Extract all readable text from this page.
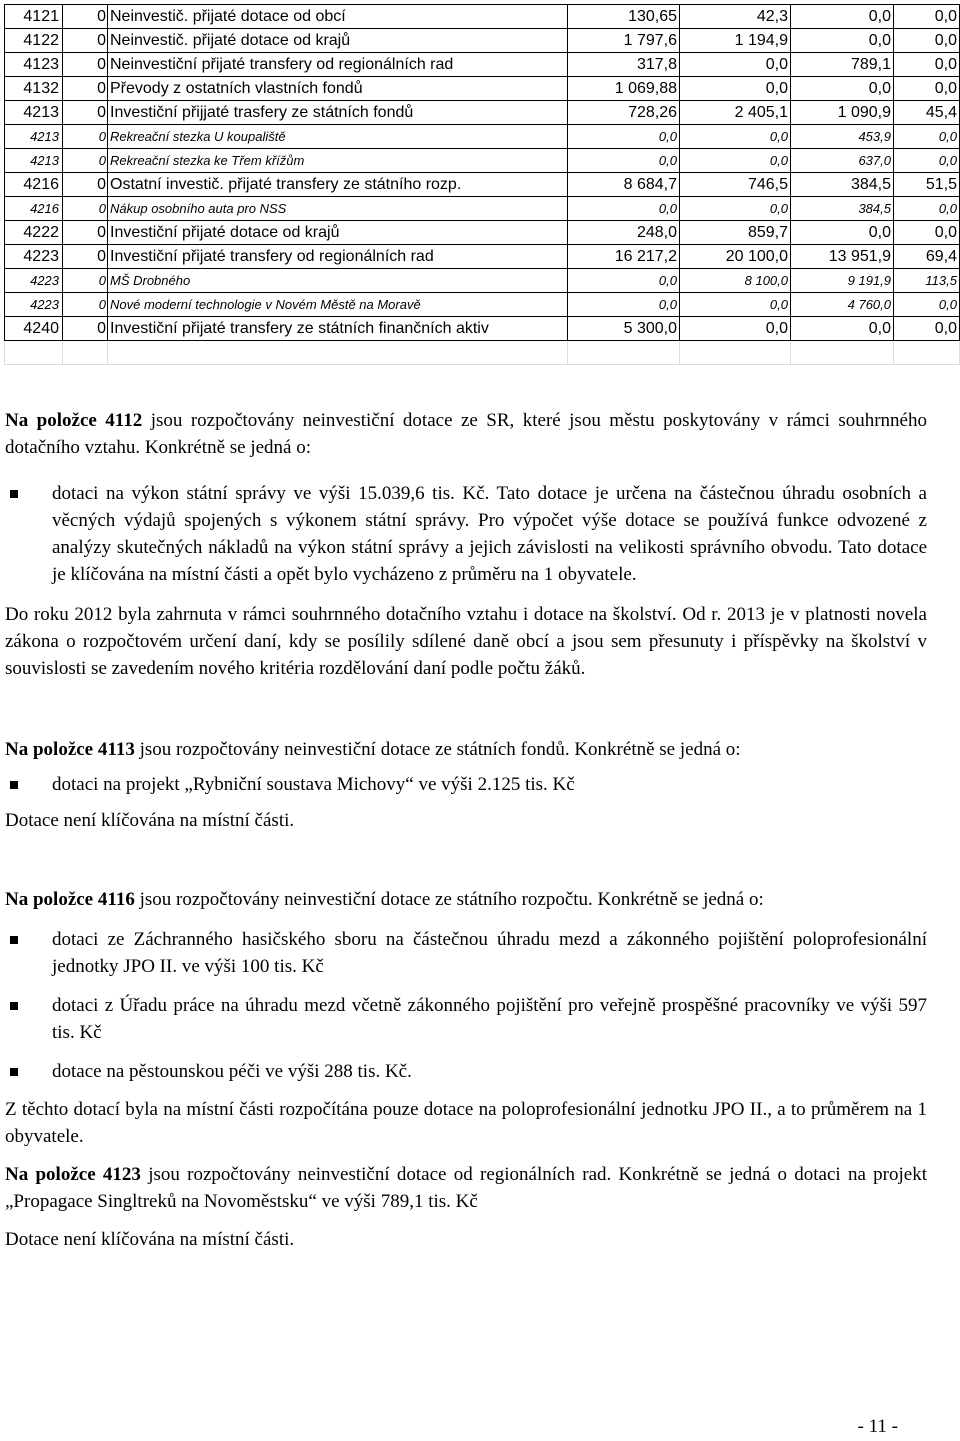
4121	0	Neinvestič. přijaté dotace od obcí	130,65	42,3	0,0	0,0
4122	0	Neinvestič. přijaté dotace od krajů	1 797,6	1 194,9	0,0	0,0
4123	0	Neinvestiční přijaté transfery od regionálních rad	317,8	0,0	789,1	0,0
4132	0	Převody z ostatních vlastních fondů	1 069,88	0,0	0,0	0,0
4213	0	Investiční přijjaté trasfery ze státních fondů	728,26	2 405,1	1 090,9	45,4
4213	0	Rekreační stezka U koupaliště	0,0	0,0	453,9	0,0
4213	0	Rekreační stezka ke Třem křížům	0,0	0,0	637,0	0,0
4216	0	Ostatní investič. přijaté transfery ze státního rozp.	8 684,7	746,5	384,5	51,5
4216	0	Nákup osobního auta pro NSS	0,0	0,0	384,5	0,0
4222	0	Investiční přijaté dotace od krajů	248,0	859,7	0,0	0,0
4223	0	Investiční přijaté transfery od regionálních rad	16 217,2	20 100,0	13 951,9	69,4
4223	0	MŠ Drobného	0,0	8 100,0	9 191,9	113,5
4223	0	Nové moderní technologie v Novém Městě na Moravě	0,0	0,0	4 760,0	0,0
4240	0	Investiční přijaté transfery ze státních finančních aktiv	5 300,0	0,0	0,0	0,0

Na položce 4112 jsou rozpočtovány neinvestiční dotace ze SR, které jsou městu poskytovány v rámci souhrnného dotačního vztahu. Konkrétně se jedná o:

dotaci na výkon státní správy ve výši 15.039,6 tis. Kč. Tato dotace je určena na částečnou úhradu osobních a věcných výdajů spojených s výkonem státní správy. Pro výpočet výše dotace se používá funkce odvozené z analýzy skutečných nákladů na výkon státní správy a jejich závislosti na velikosti správního obvodu. Tato dotace je klíčována na místní části a opět bylo vycházeno z průměru na 1 obyvatele.

Do roku 2012 byla zahrnuta v rámci souhrnného dotačního vztahu i dotace na školství. Od r. 2013 je v platnosti novela zákona o rozpočtovém určení daní, kdy se posílily sdílené daně obcí a jsou sem přesunuty i příspěvky na školství v souvislosti se zavedením nového kritéria rozdělování daní podle počtu žáků.

Na položce 4113 jsou rozpočtovány neinvestiční dotace ze státních fondů. Konkrétně se jedná o:

dotaci na projekt „Rybniční soustava Michovy“ ve výši 2.125 tis. Kč

Dotace není klíčována na místní části.

Na položce 4116 jsou rozpočtovány neinvestiční dotace ze státního rozpočtu. Konkrétně se jedná o:

dotaci ze Záchranného hasičského sboru na částečnou úhradu mezd a zákonného pojištění poloprofesionální jednotky JPO II. ve výši 100 tis. Kč
dotaci z Úřadu práce na úhradu mezd včetně zákonného pojištění pro veřejně prospěšné pracovníky ve výši 597 tis. Kč
dotace na pěstounskou péči ve výši 288 tis. Kč.

Z těchto dotací byla na místní části rozpočítána pouze dotace na poloprofesionální jednotku JPO II., a to průměrem na 1 obyvatele.

Na položce 4123 jsou rozpočtovány neinvestiční dotace od regionálních rad. Konkrétně se jedná o dotaci na projekt „Propagace Singltreků na Novoměstsku“ ve výši 789,1 tis. Kč

Dotace není klíčována na místní části.

- 11 -
